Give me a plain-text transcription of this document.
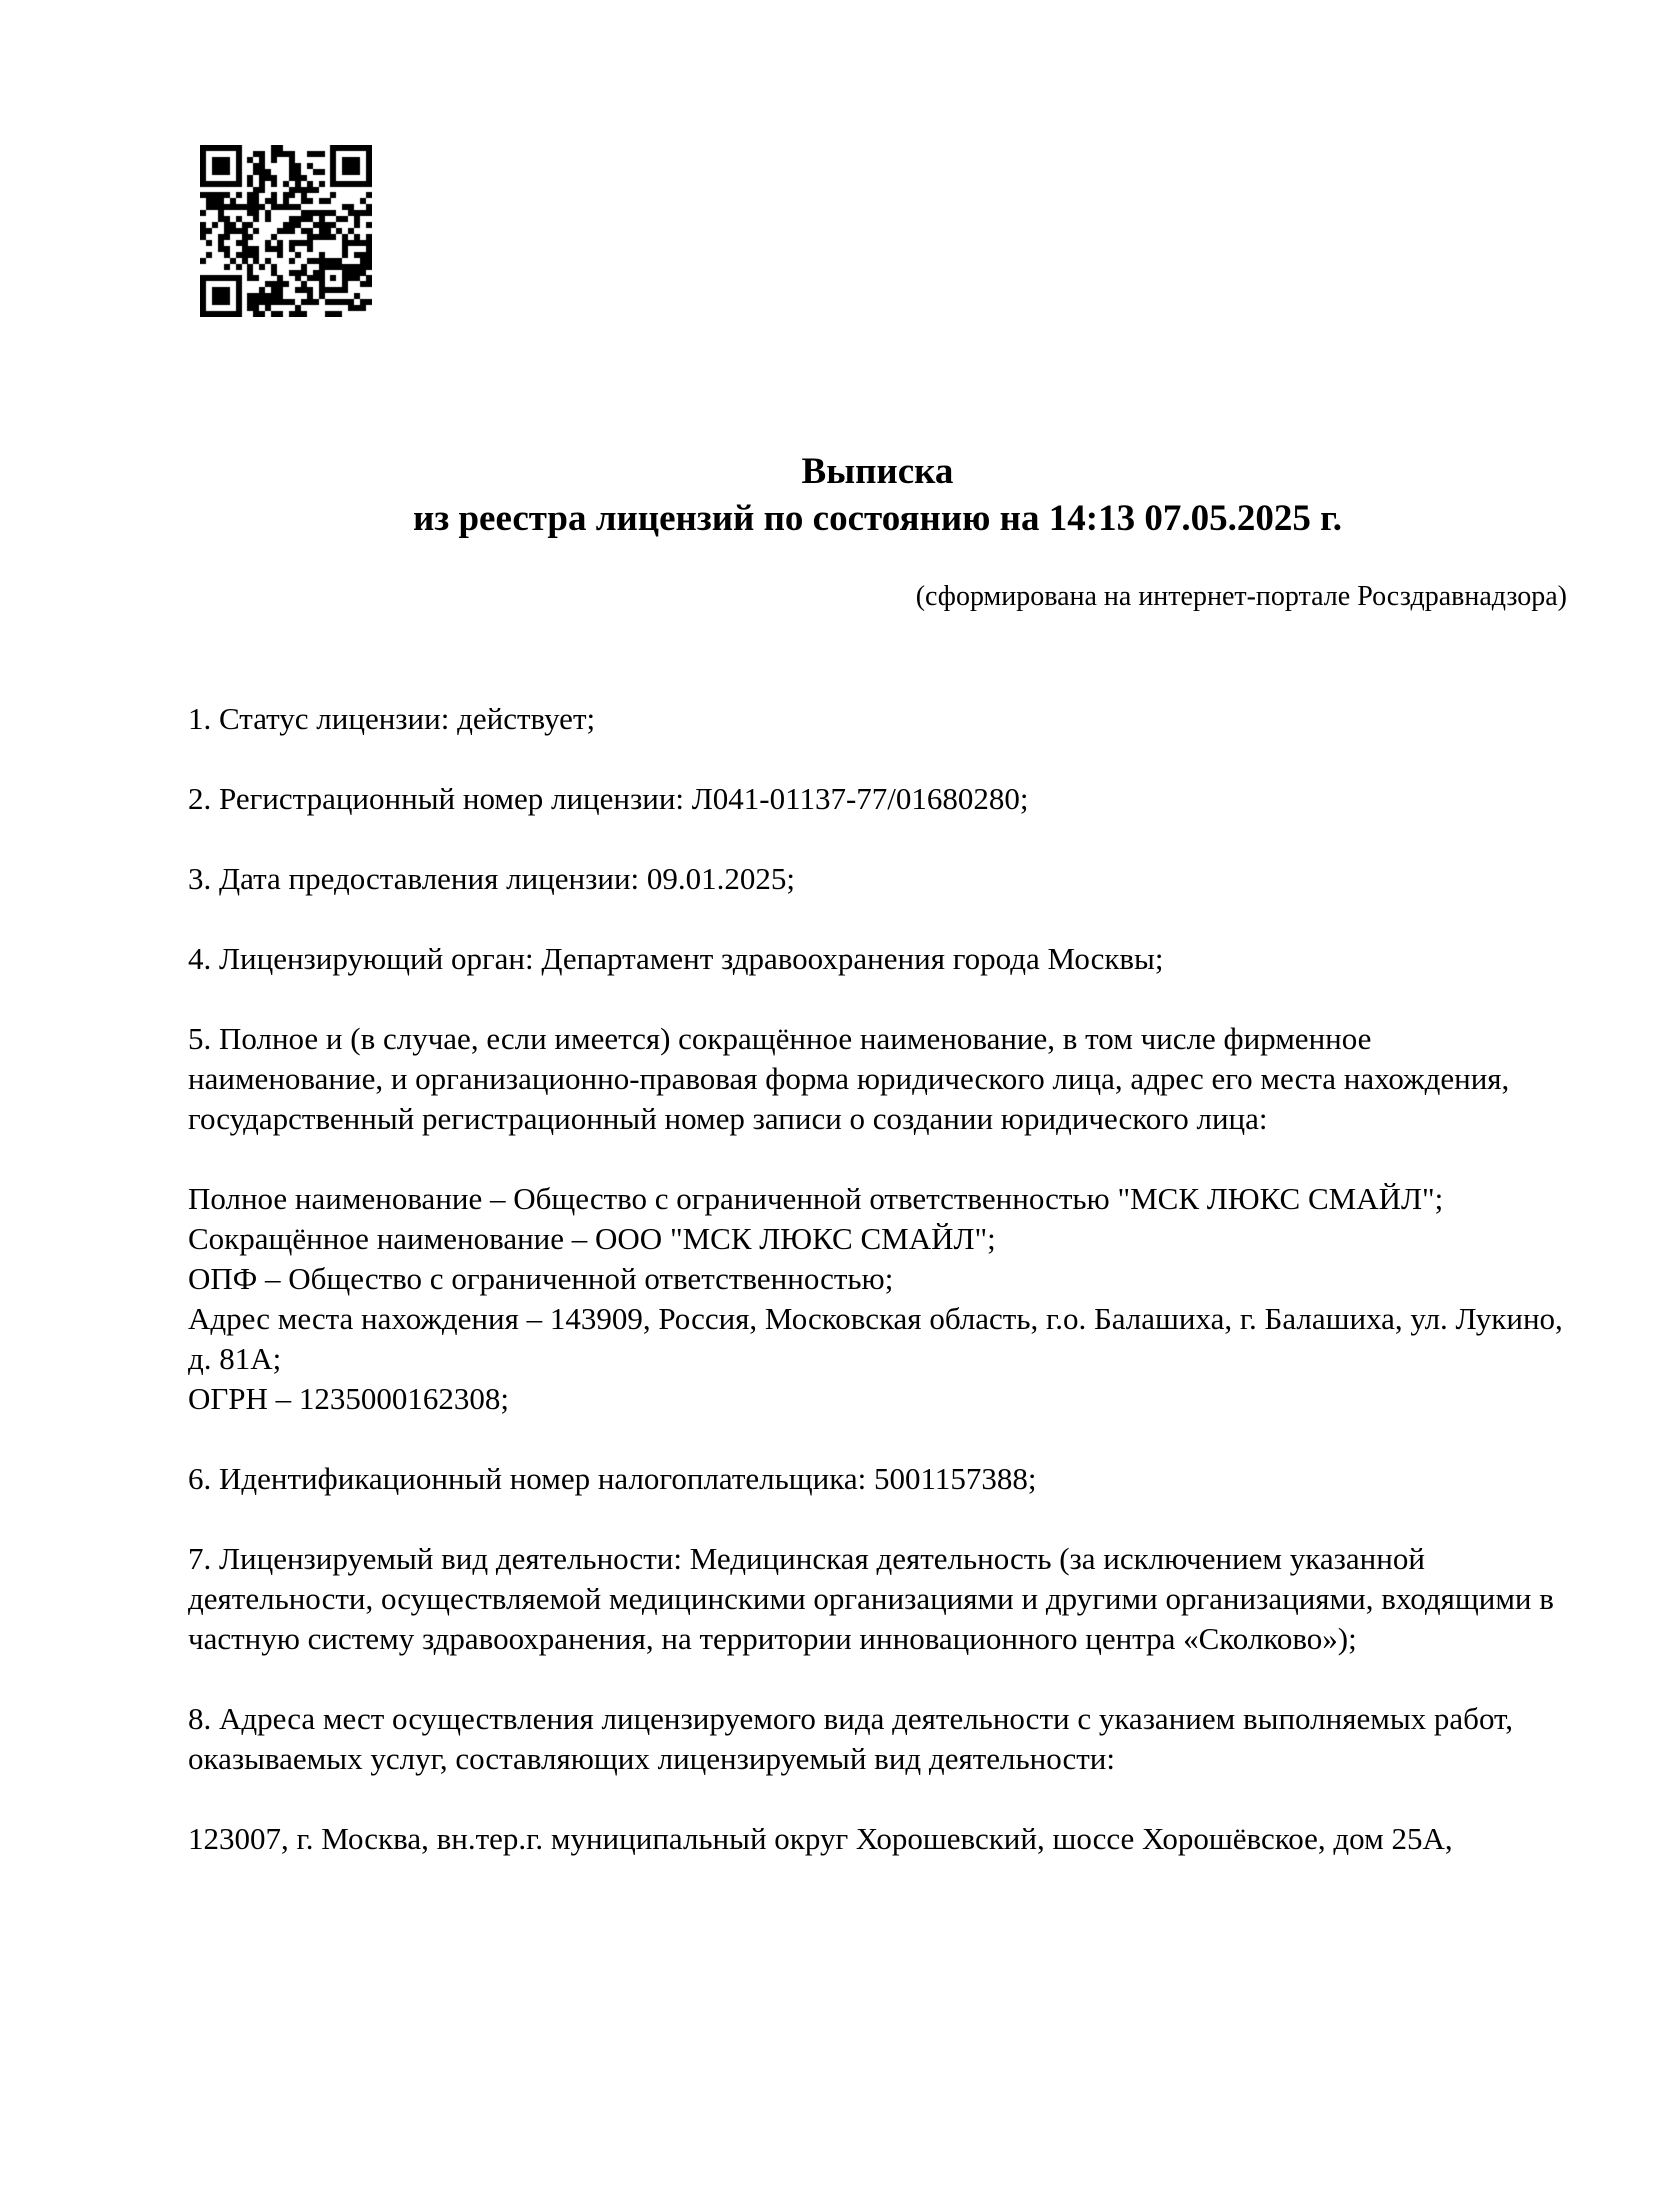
Выписка
из реестра лицензий по состоянию на 14:13 07.05.2025 г.
(сформирована на интернет-портале Росздравнадзора)

1. Статус лицензии: действует;

2. Регистрационный номер лицензии: Л041-01137-77/01680280;

3. Дата предоставления лицензии: 09.01.2025;

4. Лицензирующий орган: Департамент здравоохранения города Москвы;

5. Полное и (в случае, если имеется) сокращённое наименование, в том числе фирменное наименование, и организационно-правовая форма юридического лица, адрес его места нахождения, государственный регистрационный номер записи о создании юридического лица:

Полное наименование – Общество с ограниченной ответственностью "МСК ЛЮКС СМАЙЛ";

Сокращённое наименование – ООО "МСК ЛЮКС СМАЙЛ";

ОПФ – Общество с ограниченной ответственностью;

Адрес места нахождения – 143909, Россия, Московская область, г.о. Балашиха, г. Балашиха, ул. Лукино, д. 81А;

ОГРН – 1235000162308;

6. Идентификационный номер налогоплательщика: 5001157388;

7. Лицензируемый вид деятельности: Медицинская деятельность (за исключением указанной деятельности, осуществляемой медицинскими организациями и другими организациями, входящими в частную систему здравоохранения, на территории инновационного центра «Сколково»);

8. Адреса мест осуществления лицензируемого вида деятельности с указанием выполняемых работ, оказываемых услуг, составляющих лицензируемый вид деятельности:

123007, г. Москва, вн.тер.г. муниципальный округ Хорошевский, шоссе Хорошёвское, дом 25А,
